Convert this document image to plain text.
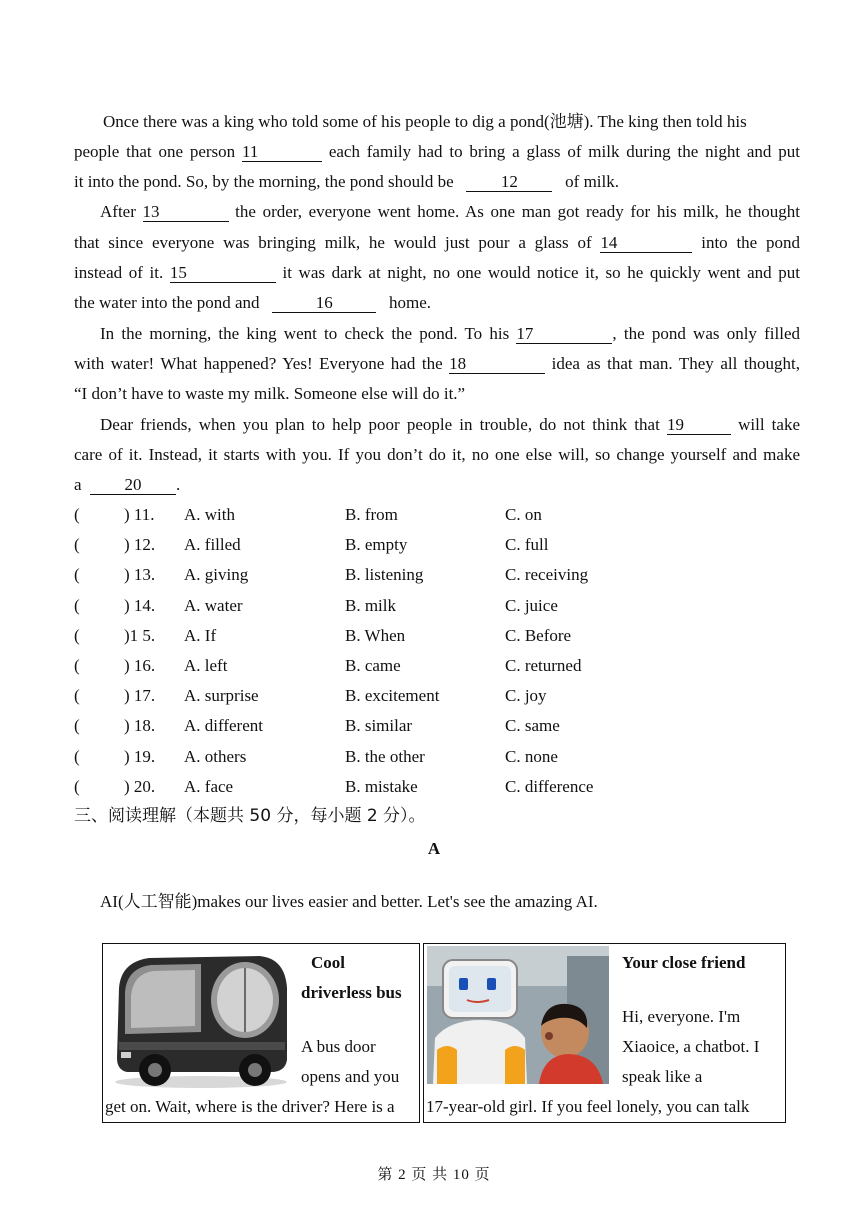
Once there was a king who told some of his people to dig a pond(池塘). The king then told his
people that one person 11	each family had to bring a glass of milk during the night and put
it into the pond. So, by the morning, the pond should be	12	of milk.
After 13	the order, everyone went home. As one man got ready for his milk, he thought
that since everyone was bringing milk, he would just pour a glass of 14	into the pond
instead of it. 15	it was dark at night, no one would notice it, so he quickly went and put
the water into the pond and	16	home.
In the morning, the king went to check the pond. To his 17	, the pond was only filled
with water! What happened? Yes! Everyone had the 18	idea as that man. They all thought,
“I don’t have to waste my milk. Someone else will do it.”
Dear friends, when you plan to help poor people in trouble, do not think that 19	will take
care of it. Instead, it starts with you. If you don’t do it, no one else will, so change yourself and make
a	20 .
(	) 11. A. with	B. from	C. on
(	) 12. A. filled	B. empty	C. full
(	) 13. A. giving	B. listening	C. receiving
(	) 14. A. water	B. milk	C. juice
(	)1 5. A. If	B. When	C. Before
(	) 16. A. left	B. came	C. returned
(	) 17. A. surprise	B. excitement	C. joy
(	) 18. A. different	B. similar	C. same
(	) 19. A. others	B. the other	C. none
(	) 20. A. face	B. mistake	C. difference
三、阅读理解（本题共 50 分，每小题 2 分）。
A
AI(人工智能)makes our lives easier and better. Let's see the amazing AI.
Cool
driverless bus
A bus door
opens and you
get on. Wait, where is the driver? Here is a
Your close friend
Hi, everyone. I'm
Xiaoice, a chatbot. I
speak like a
17-year-old girl. If you feel lonely, you can talk
第 2 页 共 10 页
